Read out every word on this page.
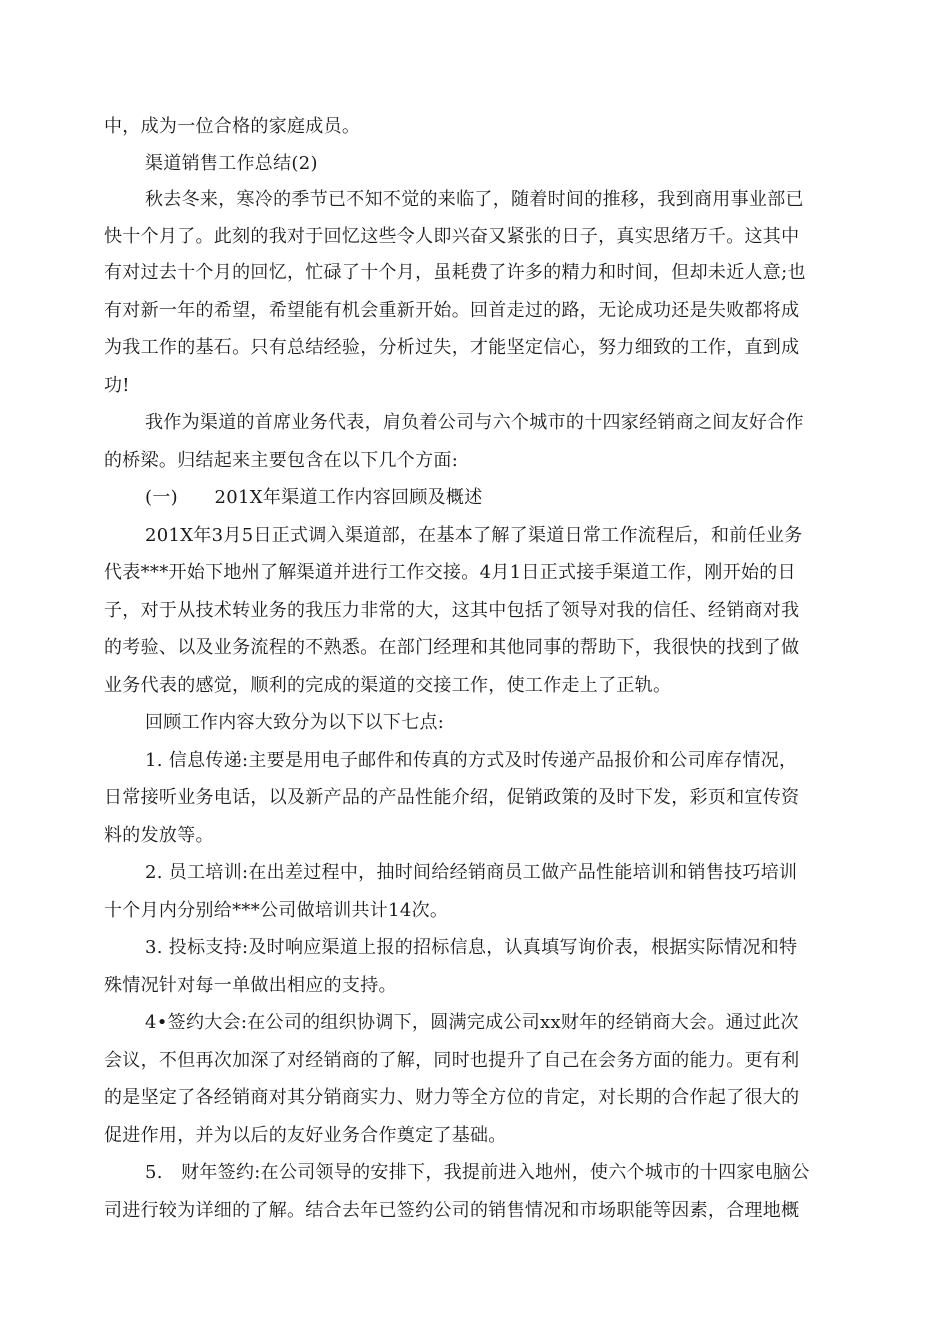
中，成为一位合格的家庭成员。
渠道销售工作总结(2)
秋去冬来，寒冷的季节已不知不觉的来临了，随着时间的推移，我到商用事业部已
快十个月了。此刻的我对于回忆这些令人即兴奋又紧张的日子，真实思绪万千。这其中
有对过去十个月的回忆，忙碌了十个月，虽耗费了许多的精力和时间，但却未近人意;也
有对新一年的希望，希望能有机会重新开始。回首走过的路，无论成功还是失败都将成
为我工作的基石。只有总结经验，分析过失，才能坚定信心，努力细致的工作，直到成
功!
我作为渠道的首席业务代表，肩负着公司与六个城市的十四家经销商之间友好合作
的桥梁。归结起来主要包含在以下几个方面:
(一)　　201X年渠道工作内容回顾及概述
201X年3月5日正式调入渠道部，在基本了解了渠道日常工作流程后，和前任业务
代表***开始下地州了解渠道并进行工作交接。4月1日正式接手渠道工作，刚开始的日
子，对于从技术转业务的我压力非常的大，这其中包括了领导对我的信任、经销商对我
的考验、以及业务流程的不熟悉。在部门经理和其他同事的帮助下，我很快的找到了做
业务代表的感觉，顺利的完成的渠道的交接工作，使工作走上了正轨。
回顾工作内容大致分为以下以下七点:
1. 信息传递:主要是用电子邮件和传真的方式及时传递产品报价和公司库存情况，
日常接听业务电话，以及新产品的产品性能介绍，促销政策的及时下发，彩页和宣传资
料的发放等。
2. 员工培训:在出差过程中，抽时间给经销商员工做产品性能培训和销售技巧培训
十个月内分别给***公司做培训共计14次。
3. 投标支持:及时响应渠道上报的招标信息，认真填写询价表，根据实际情况和特
殊情况针对每一单做出相应的支持。
4•签约大会:在公司的组织协调下，圆满完成公司xx财年的经销商大会。通过此次
会议，不但再次加深了对经销商的了解，同时也提升了自己在会务方面的能力。更有利
的是坚定了各经销商对其分销商实力、财力等全方位的肯定，对长期的合作起了很大的
促进作用，并为以后的友好业务合作奠定了基础。
5.　财年签约:在公司领导的安排下，我提前进入地州，使六个城市的十四家电脑公
司进行较为详细的了解。结合去年已签约公司的销售情况和市场职能等因素，合理地概
